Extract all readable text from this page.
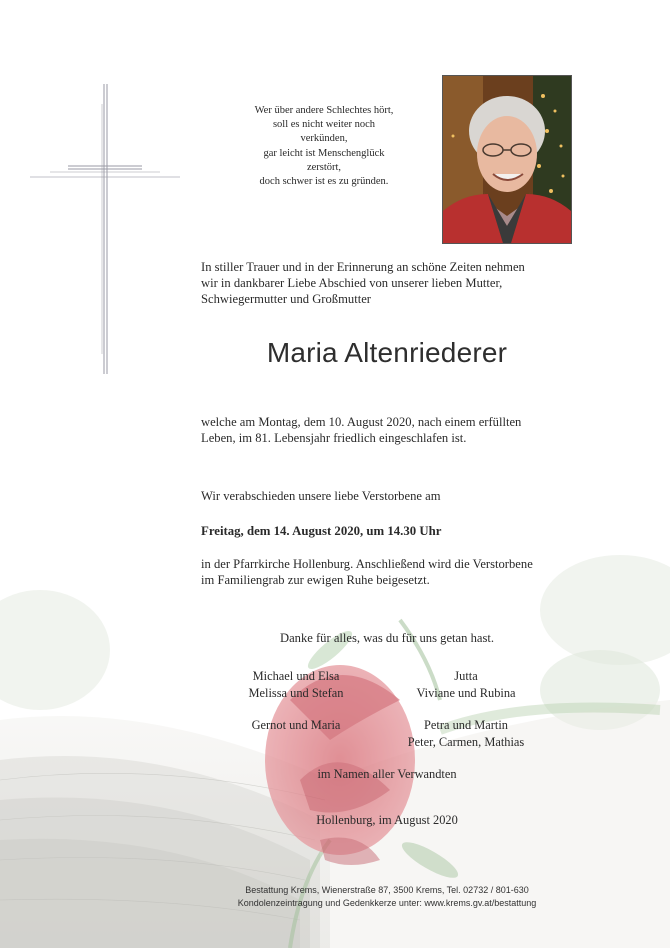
Wer über andere Schlechtes hört,
soll es nicht weiter noch
verkünden,
gar leicht ist Menschenglück
zerstört,
doch schwer ist es zu gründen.
In stiller Trauer und in der Erinnerung an schöne Zeiten nehmen
wir in dankbarer Liebe Abschied von unserer lieben Mutter,
Schwiegermutter und Großmutter
Maria Altenriederer
welche am Montag, dem 10. August 2020, nach einem erfüllten
Leben, im 81. Lebensjahr friedlich eingeschlafen ist.
Wir verabschieden unsere liebe Verstorbene am
Freitag, dem 14. August 2020, um 14.30 Uhr
in der Pfarrkirche Hollenburg. Anschließend wird die Verstorbene
im Familiengrab zur ewigen Ruhe beigesetzt.
Danke für alles, was du für uns getan hast.
Michael und Elsa
Melissa und Stefan
Jutta
Viviane und Rubina
Gernot und Maria	Petra und Martin
Peter, Carmen, Mathias
im Namen aller Verwandten
Hollenburg, im August 2020
Bestattung Krems, Wienerstraße 87, 3500 Krems, Tel. 02732 / 801-630
Kondolenzeintragung und Gedenkkerze unter: www.krems.gv.at/bestattung
